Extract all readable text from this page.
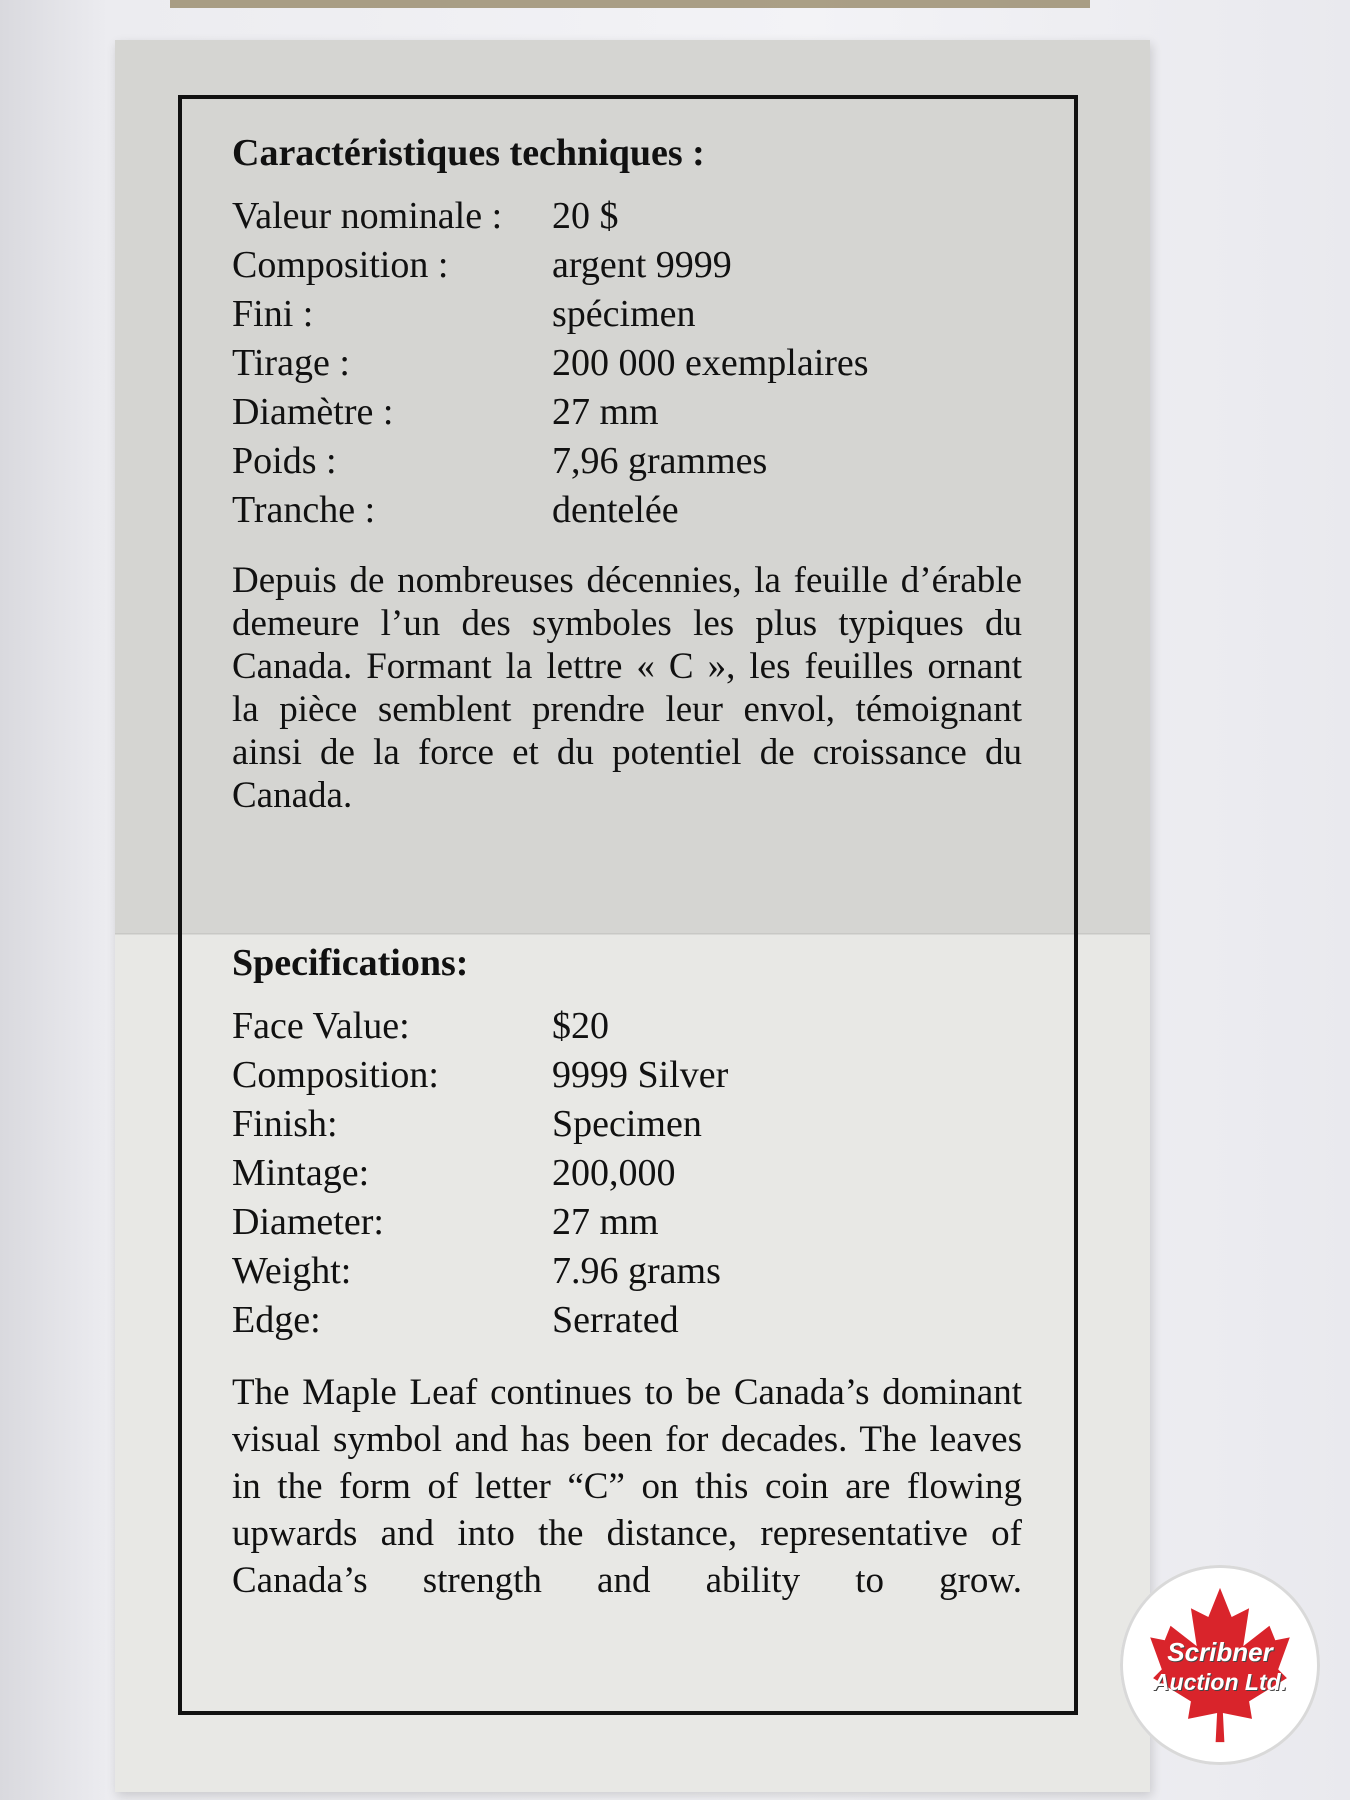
Caractéristiques techniques :
Valeur nominale :	20 $
Composition :	argent 9999
Fini :	spécimen
Tirage :	200 000 exemplaires
Diamètre :	27 mm
Poids :	7,96 grammes
Tranche :	dentelée
Depuis de nombreuses décennies, la feuille d’érable demeure l’un des symboles les plus typiques du Canada. Formant la lettre « C », les feuilles ornant la pièce semblent prendre leur envol, témoignant ainsi de la force et du potentiel de croissance du Canada.
Specifications:
Face Value:	$20
Composition:	9999 Silver
Finish:	Specimen
Mintage:	200,000
Diameter:	27 mm
Weight:	7.96 grams
Edge:	Serrated
The Maple Leaf continues to be Canada’s dominant visual symbol and has been for decades. The leaves in the form of letter “C” on this coin are flowing upwards and into the distance, representative of Canada’s strength and ability to grow.
Scribner
Auction Ltd.
